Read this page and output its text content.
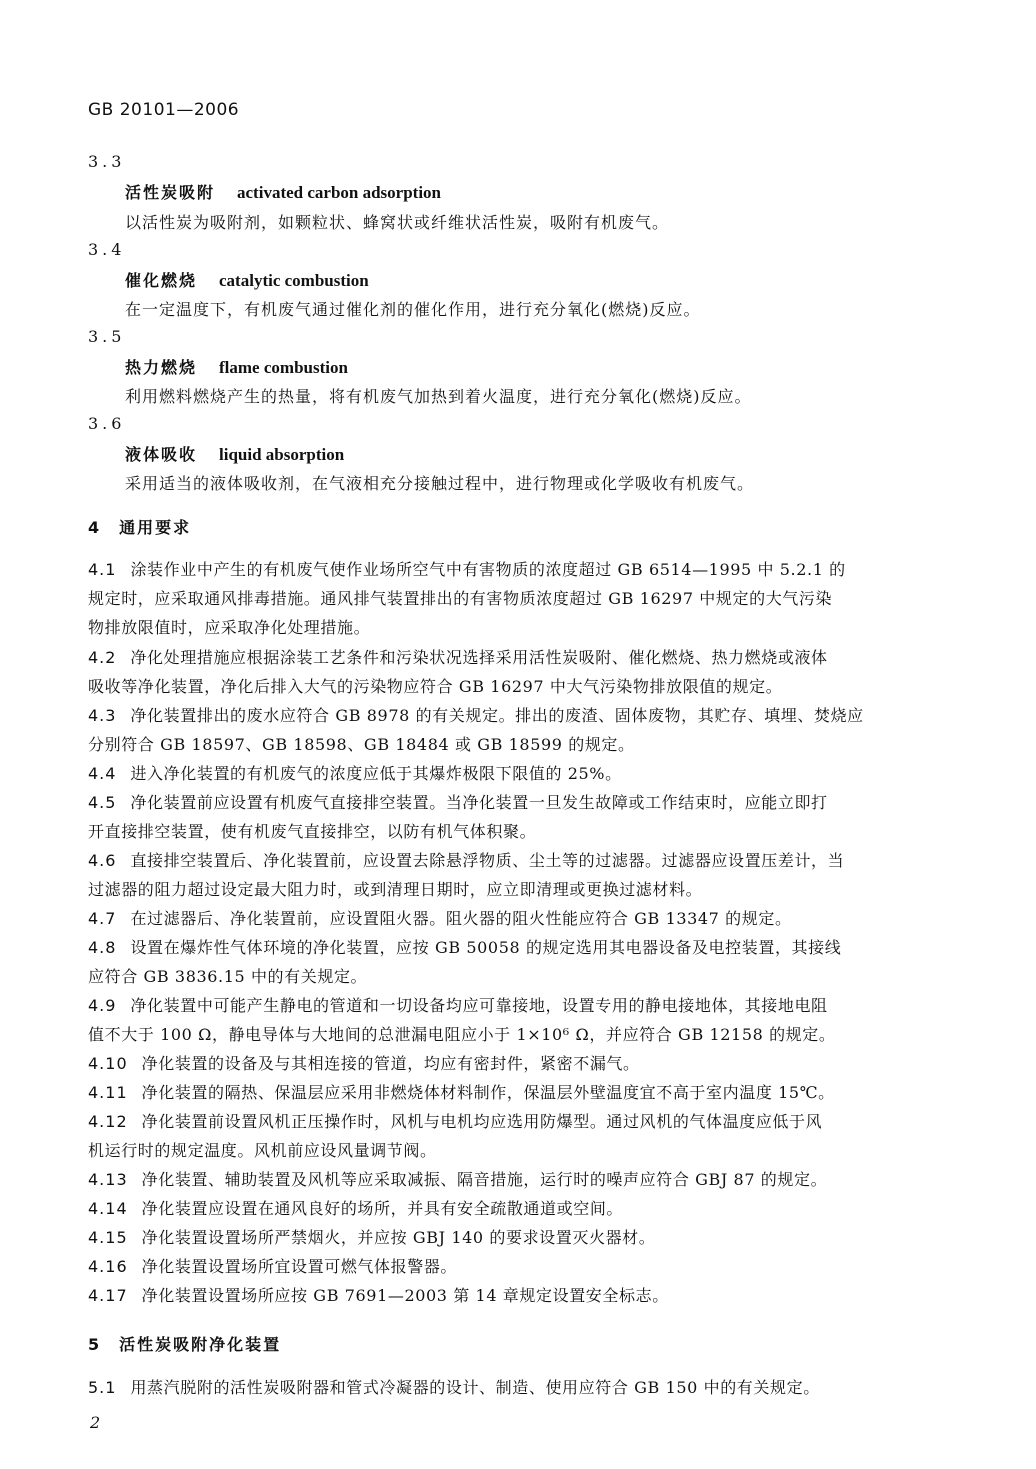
GB 20101—2006
3.3
活性炭吸附 activated carbon adsorption
以活性炭为吸附剂，如颗粒状、蜂窝状或纤维状活性炭，吸附有机废气。
3.4
催化燃烧 catalytic combustion
在一定温度下，有机废气通过催化剂的催化作用，进行充分氧化(燃烧)反应。
3.5
热力燃烧 flame combustion
利用燃料燃烧产生的热量，将有机废气加热到着火温度，进行充分氧化(燃烧)反应。
3.6
液体吸收 liquid absorption
采用适当的液体吸收剂，在气液相充分接触过程中，进行物理或化学吸收有机废气。
4 通用要求
4.1 涂装作业中产生的有机废气使作业场所空气中有害物质的浓度超过 GB 6514—1995 中 5.2.1 的
规定时，应采取通风排毒措施。通风排气装置排出的有害物质浓度超过 GB 16297 中规定的大气污染
物排放限值时，应采取净化处理措施。
4.2 净化处理措施应根据涂装工艺条件和污染状况选择采用活性炭吸附、催化燃烧、热力燃烧或液体
吸收等净化装置，净化后排入大气的污染物应符合 GB 16297 中大气污染物排放限值的规定。
4.3 净化装置排出的废水应符合 GB 8978 的有关规定。排出的废渣、固体废物，其贮存、填埋、焚烧应
分别符合 GB 18597、GB 18598、GB 18484 或 GB 18599 的规定。
4.4 进入净化装置的有机废气的浓度应低于其爆炸极限下限值的 25%。
4.5 净化装置前应设置有机废气直接排空装置。当净化装置一旦发生故障或工作结束时，应能立即打
开直接排空装置，使有机废气直接排空，以防有机气体积聚。
4.6 直接排空装置后、净化装置前，应设置去除悬浮物质、尘土等的过滤器。过滤器应设置压差计，当
过滤器的阻力超过设定最大阻力时，或到清理日期时，应立即清理或更换过滤材料。
4.7 在过滤器后、净化装置前，应设置阻火器。阻火器的阻火性能应符合 GB 13347 的规定。
4.8 设置在爆炸性气体环境的净化装置，应按 GB 50058 的规定选用其电器设备及电控装置，其接线
应符合 GB 3836.15 中的有关规定。
4.9 净化装置中可能产生静电的管道和一切设备均应可靠接地，设置专用的静电接地体，其接地电阻
值不大于 100 Ω，静电导体与大地间的总泄漏电阻应小于 1×10⁶ Ω，并应符合 GB 12158 的规定。
4.10 净化装置的设备及与其相连接的管道，均应有密封件，紧密不漏气。
4.11 净化装置的隔热、保温层应采用非燃烧体材料制作，保温层外壁温度宜不高于室内温度 15℃。
4.12 净化装置前设置风机正压操作时，风机与电机均应选用防爆型。通过风机的气体温度应低于风
机运行时的规定温度。风机前应设风量调节阀。
4.13 净化装置、辅助装置及风机等应采取减振、隔音措施，运行时的噪声应符合 GBJ 87 的规定。
4.14 净化装置应设置在通风良好的场所，并具有安全疏散通道或空间。
4.15 净化装置设置场所严禁烟火，并应按 GBJ 140 的要求设置灭火器材。
4.16 净化装置设置场所宜设置可燃气体报警器。
4.17 净化装置设置场所应按 GB 7691—2003 第 14 章规定设置安全标志。
5 活性炭吸附净化装置
5.1 用蒸汽脱附的活性炭吸附器和管式冷凝器的设计、制造、使用应符合 GB 150 中的有关规定。
2
